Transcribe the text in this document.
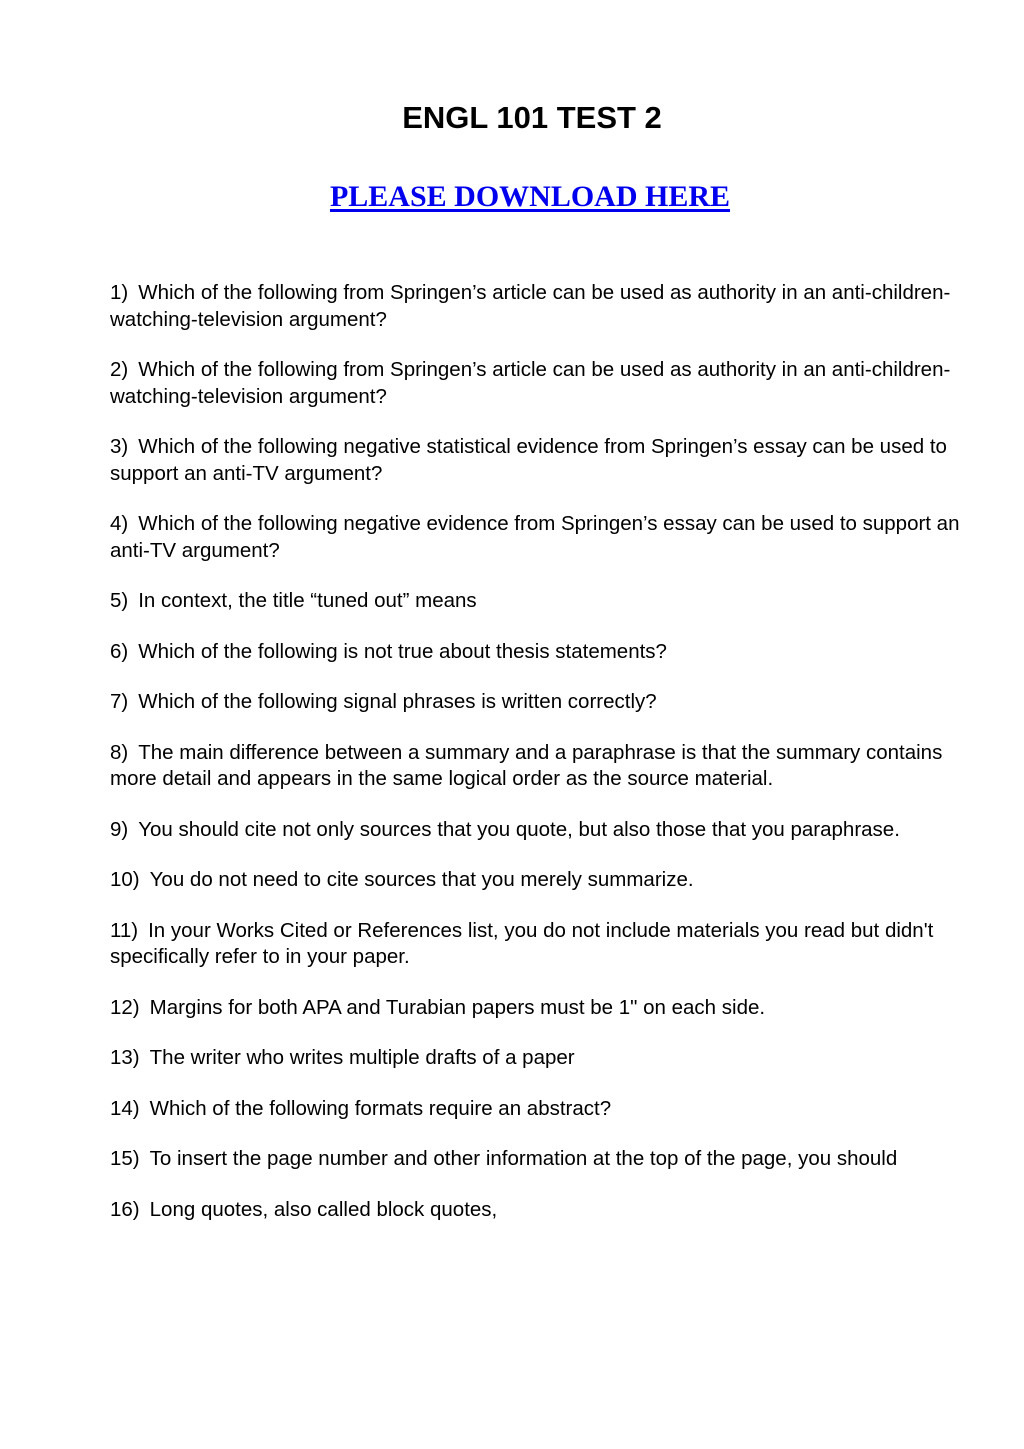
ENGL 101 TEST 2
PLEASE DOWNLOAD HERE
1) Which of the following from Springen’s article can be used as authority in an anti-children-watching-television argument?
2) Which of the following from Springen’s article can be used as authority in an anti-children-watching-television argument?
3) Which of the following negative statistical evidence from Springen’s essay can be used to support an anti-TV argument?
4) Which of the following negative evidence from Springen’s essay can be used to support an anti-TV argument?
5) In context, the title “tuned out” means
6) Which of the following is not true about thesis statements?
7) Which of the following signal phrases is written correctly?
8) The main difference between a summary and a paraphrase is that the summary contains more detail and appears in the same logical order as the source material.
9) You should cite not only sources that you quote, but also those that you paraphrase.
10) You do not need to cite sources that you merely summarize.
11) In your Works Cited or References list, you do not include materials you read but didn't specifically refer to in your paper.
12) Margins for both APA and Turabian papers must be 1" on each side.
13) The writer who writes multiple drafts of a paper
14) Which of the following formats require an abstract?
15) To insert the page number and other information at the top of the page, you should
16) Long quotes, also called block quotes,
